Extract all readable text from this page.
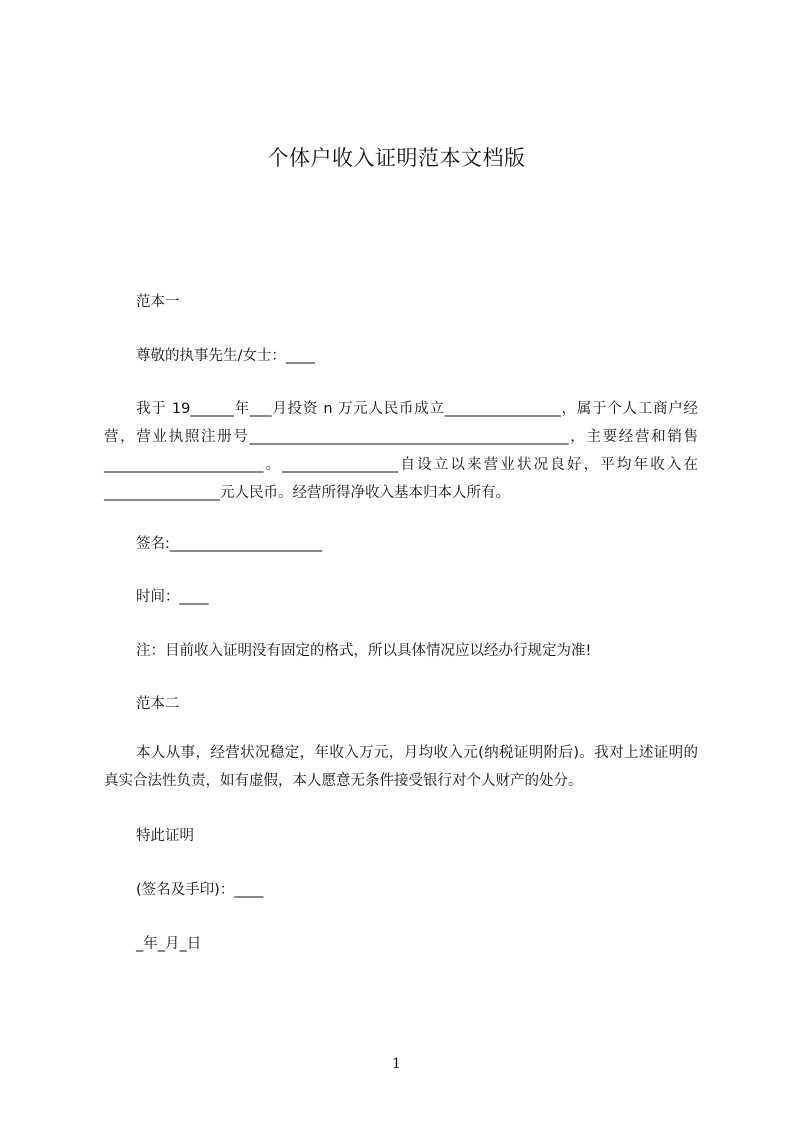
个体户收入证明范本文档版

范本一

尊敬的执事先生/女士：____

我于 19______年___月投资 n 万元人民币成立________________，属于个人工商户经营，营业执照注册号____________________________________________，主要经营和销售______________________。________________自设立以来营业状况良好，平均年收入在________________元人民币。经营所得净收入基本归本人所有。

签名:_____________________

时间：____

注：目前收入证明没有固定的格式，所以具体情况应以经办行规定为准!

范本二

本人从事，经营状况稳定，年收入万元，月均收入元(纳税证明附后)。我对上述证明的真实合法性负责，如有虚假，本人愿意无条件接受银行对个人财产的处分。

特此证明

(签名及手印)：____

_年_月_日

1
